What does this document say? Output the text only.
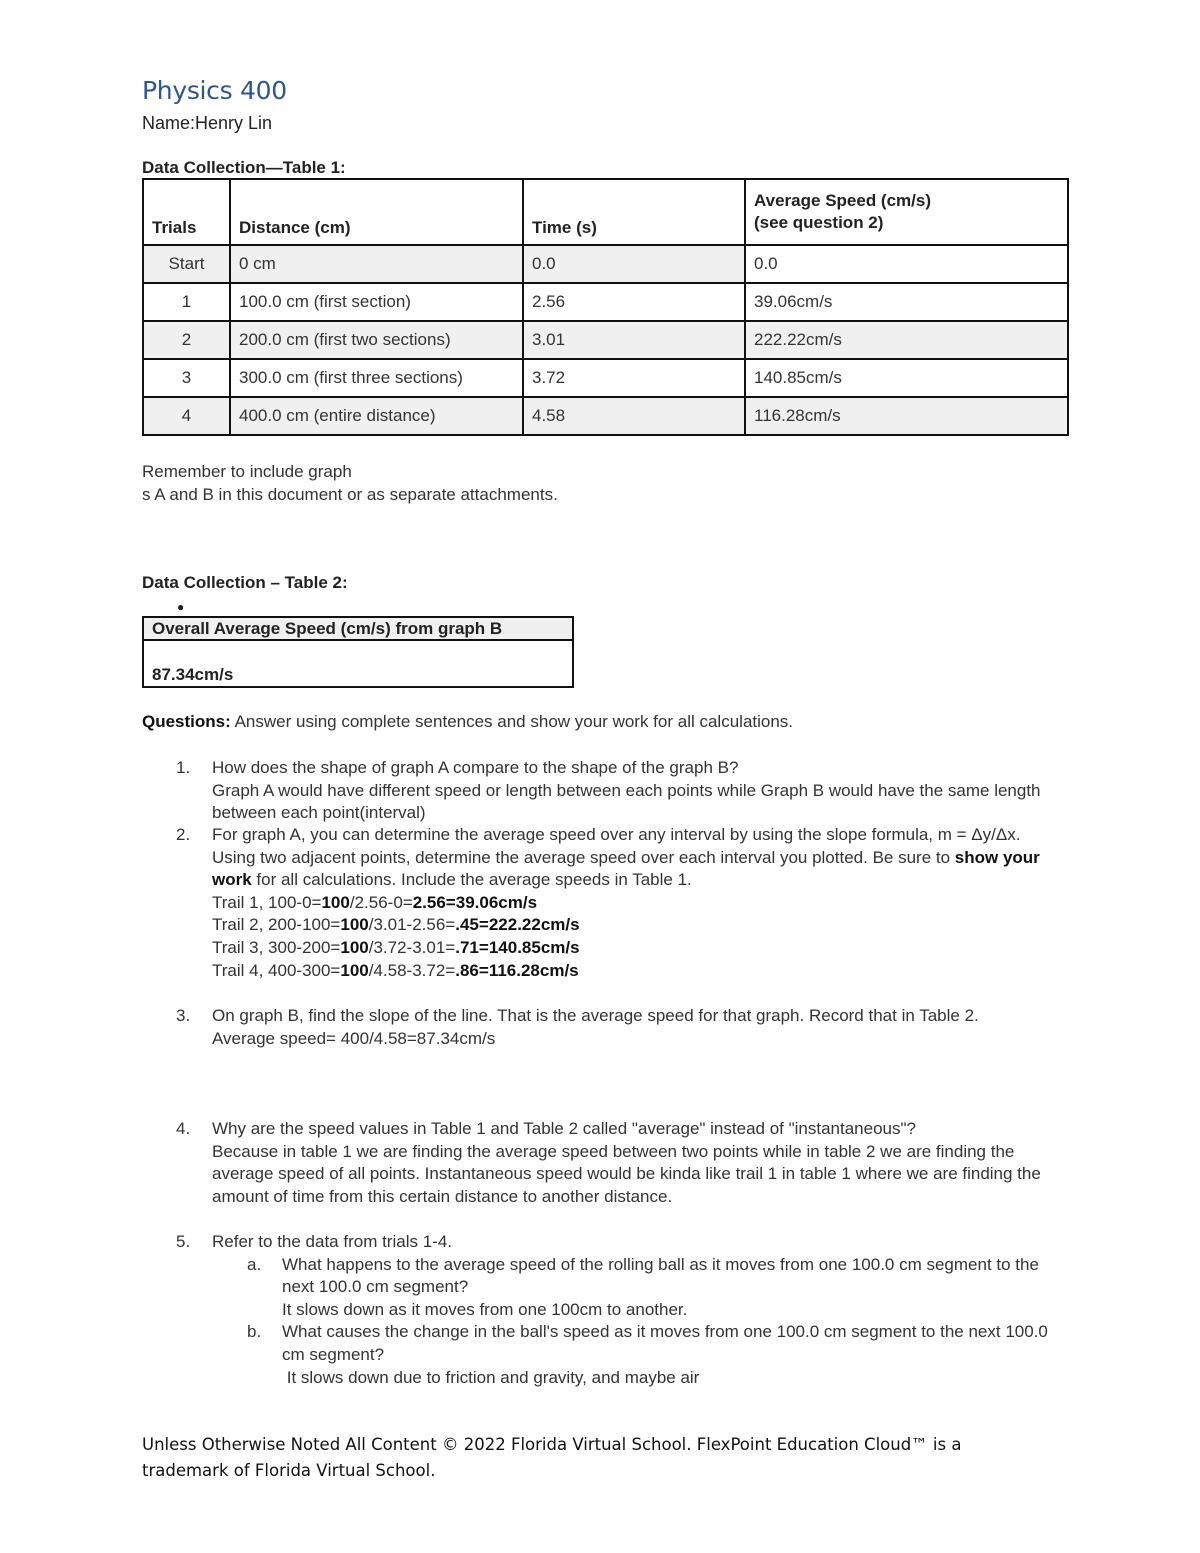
Physics 400
Name:Henry Lin
Data Collection—Table 1:
Trials	Distance (cm)	Time (s)	Average Speed (cm/s)
(see question 2)

Start	0 cm	0.0	0.0
1	100.0 cm (first section)	2.56	39.06cm/s
2	200.0 cm (first two sections)	3.01	222.22cm/s
3	300.0 cm (first three sections)	3.72	140.85cm/s
4	400.0 cm (entire distance)	4.58	116.28cm/s
Remember to include graph
s A and B in this document or as separate attachments.
Data Collection – Table 2:
●
Overall Average Speed (cm/s) from graph B
87.34cm/s
Questions: Answer using complete sentences and show your work for all calculations.
1. How does the shape of graph A compare to the shape of the graph B?
Graph A would have different speed or length between each points while Graph B would have the same length between each point(interval)
2. For graph A, you can determine the average speed over any interval by using the slope formula, m = Δy/Δx. Using two adjacent points, determine the average speed over each interval you plotted. Be sure to show your work for all calculations. Include the average speeds in Table 1.
Trail 1, 100-0=100/2.56-0=2.56=39.06cm/s
Trail 2, 200-100=100/3.01-2.56=.45=222.22cm/s
Trail 3, 300-200=100/3.72-3.01=.71=140.85cm/s
Trail 4, 400-300=100/4.58-3.72=.86=116.28cm/s
3. On graph B, find the slope of the line. That is the average speed for that graph. Record that in Table 2.
Average speed= 400/4.58=87.34cm/s
4. Why are the speed values in Table 1 and Table 2 called "average" instead of "instantaneous"?
Because in table 1 we are finding the average speed between two points while in table 2 we are finding the average speed of all points. Instantaneous speed would be kinda like trail 1 in table 1 where we are finding the amount of time from this certain distance to another distance.
5. Refer to the data from trials 1-4.
a. What happens to the average speed of the rolling ball as it moves from one 100.0 cm segment to the next 100.0 cm segment?
It slows down as it moves from one 100cm to another.
b. What causes the change in the ball's speed as it moves from one 100.0 cm segment to the next 100.0 cm segment?
It slows down due to friction and gravity, and maybe air
Unless Otherwise Noted All Content © 2022 Florida Virtual School. FlexPoint Education Cloud™ is a trademark of Florida Virtual School.
